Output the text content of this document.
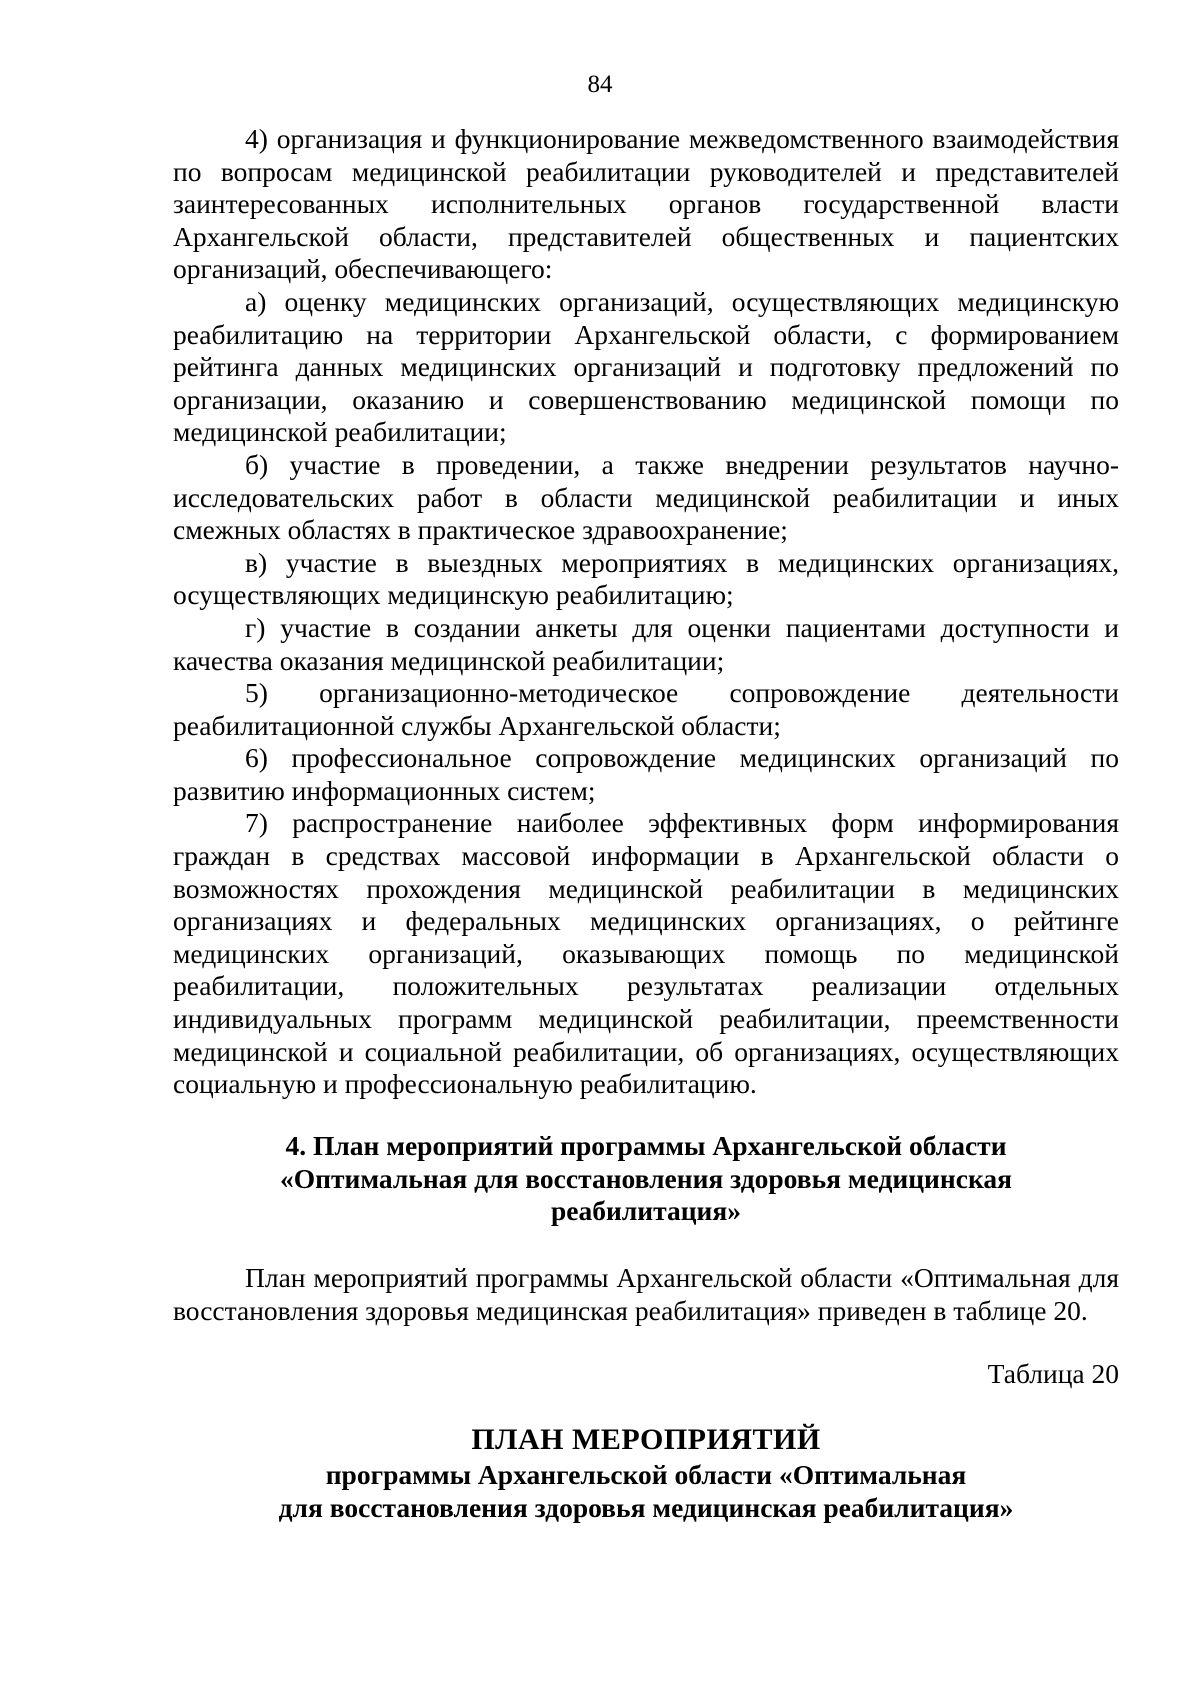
84

4) организация и функционирование межведомственного взаимодействия по вопросам медицинской реабилитации руководителей и представителей заинтересованных исполнительных органов государственной власти Архангельской области, представителей общественных и пациентских организаций, обеспечивающего:

а) оценку медицинских организаций, осуществляющих медицинскую реабилитацию на территории Архангельской области, с формированием рейтинга данных медицинских организаций и подготовку предложений по организации, оказанию и совершенствованию медицинской помощи по медицинской реабилитации;

б) участие в проведении, а также внедрении результатов научно-исследовательских работ в области медицинской реабилитации и иных смежных областях в практическое здравоохранение;

в) участие в выездных мероприятиях в медицинских организациях, осуществляющих медицинскую реабилитацию;

г) участие в создании анкеты для оценки пациентами доступности и качества оказания медицинской реабилитации;

5) организационно-методическое сопровождение деятельности реабилитационной службы Архангельской области;

6) профессиональное сопровождение медицинских организаций по развитию информационных систем;

7) распространение наиболее эффективных форм информирования граждан в средствах массовой информации в Архангельской области о возможностях прохождения медицинской реабилитации в медицинских организациях и федеральных медицинских организациях, о рейтинге медицинских организаций, оказывающих помощь по медицинской реабилитации, положительных результатах реализации отдельных индивидуальных программ медицинской реабилитации, преемственности медицинской и социальной реабилитации, об организациях, осуществляющих социальную и профессиональную реабилитацию.

4. План мероприятий программы Архангельской области
«Оптимальная для восстановления здоровья медицинская
реабилитация»

План мероприятий программы Архангельской области «Оптимальная для восстановления здоровья медицинская реабилитация» приведен в таблице 20.

Таблица 20
ПЛАН МЕРОПРИЯТИЙ
программы Архангельской области «Оптимальная
для восстановления здоровья медицинская реабилитация»
